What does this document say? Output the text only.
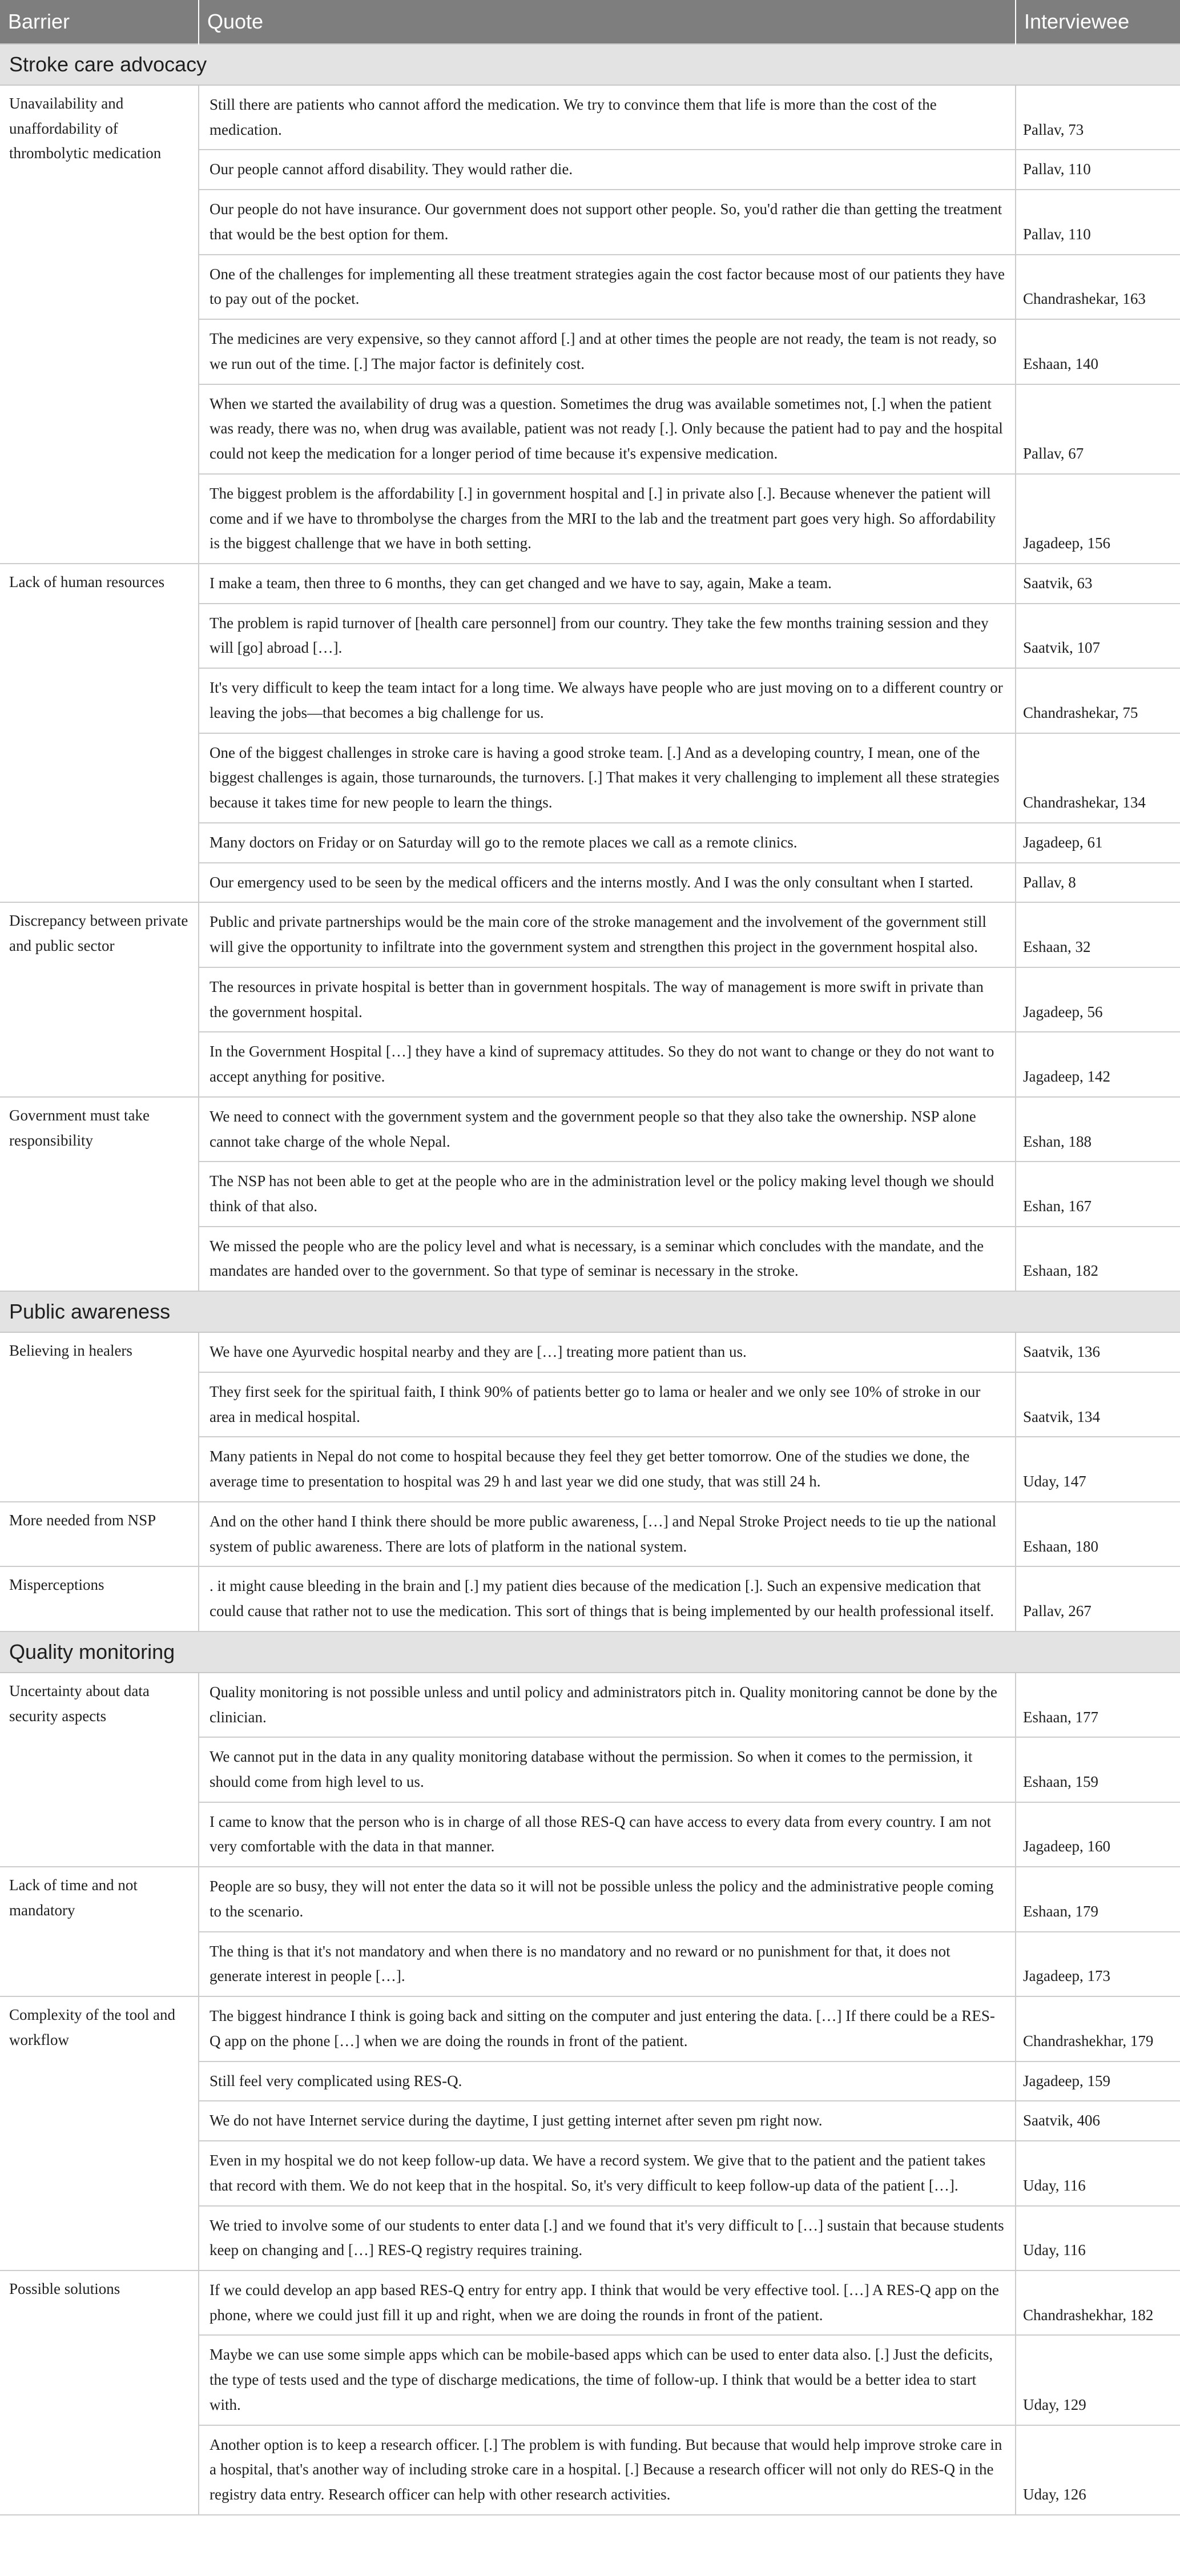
Barrier	Quote	Interviewee
Stroke care advocacy		
Unavailability and unaffordability of thrombolytic medication	Still there are patients who cannot afford the medication. We try to convince them that life is more than the cost of the medication.	Pallav, 73
	Our people cannot afford disability. They would rather die.	Pallav, 110
	Our people do not have insurance. Our government does not support other people. So, you'd rather die than getting the treatment that would be the best option for them.	Pallav, 110
	One of the challenges for implementing all these treatment strategies again the cost factor because most of our patients they have to pay out of the pocket.	Chandrashekar, 163
	The medicines are very expensive, so they cannot afford [.] and at other times the people are not ready, the team is not ready, so we run out of the time. [.] The major factor is definitely cost.	Eshaan, 140
	When we started the availability of drug was a question. Sometimes the drug was available sometimes not, [.] when the patient was ready, there was no, when drug was available, patient was not ready [.]. Only because the patient had to pay and the hospital could not keep the medication for a longer period of time because it's expensive medication.	Pallav, 67
	The biggest problem is the affordability [.] in government hospital and [.] in private also [.]. Because whenever the patient will come and if we have to thrombolyse the charges from the MRI to the lab and the treatment part goes very high. So affordability is the biggest challenge that we have in both setting.	Jagadeep, 156
Lack of human resources	I make a team, then three to 6 months, they can get changed and we have to say, again, Make a team.	Saatvik, 63
	The problem is rapid turnover of [health care personnel] from our country. They take the few months training session and they will [go] abroad […].	Saatvik, 107
	It's very difficult to keep the team intact for a long time. We always have people who are just moving on to a different country or leaving the jobs—that becomes a big challenge for us.	Chandrashekar, 75
	One of the biggest challenges in stroke care is having a good stroke team. [.] And as a developing country, I mean, one of the biggest challenges is again, those turnarounds, the turnovers. [.] That makes it very challenging to implement all these strategies because it takes time for new people to learn the things.	Chandrashekar, 134
	Many doctors on Friday or on Saturday will go to the remote places we call as a remote clinics.	Jagadeep, 61
	Our emergency used to be seen by the medical officers and the interns mostly. And I was the only consultant when I started.	Pallav, 8
Discrepancy between private and public sector	Public and private partnerships would be the main core of the stroke management and the involvement of the government still will give the opportunity to infiltrate into the government system and strengthen this project in the government hospital also.	Eshaan, 32
	The resources in private hospital is better than in government hospitals. The way of management is more swift in private than the government hospital.	Jagadeep, 56
	In the Government Hospital […] they have a kind of supremacy attitudes. So they do not want to change or they do not want to accept anything for positive.	Jagadeep, 142
Government must take responsibility	We need to connect with the government system and the government people so that they also take the ownership. NSP alone cannot take charge of the whole Nepal.	Eshan, 188
	The NSP has not been able to get at the people who are in the administration level or the policy making level though we should think of that also.	Eshan, 167
	We missed the people who are the policy level and what is necessary, is a seminar which concludes with the mandate, and the mandates are handed over to the government. So that type of seminar is necessary in the stroke.	Eshaan, 182
Public awareness		
Believing in healers	We have one Ayurvedic hospital nearby and they are […] treating more patient than us.	Saatvik, 136
	They first seek for the spiritual faith, I think 90% of patients better go to lama or healer and we only see 10% of stroke in our area in medical hospital.	Saatvik, 134
	Many patients in Nepal do not come to hospital because they feel they get better tomorrow. One of the studies we done, the average time to presentation to hospital was 29 h and last year we did one study, that was still 24 h.	Uday, 147
More needed from NSP	And on the other hand I think there should be more public awareness, […] and Nepal Stroke Project needs to tie up the national system of public awareness. There are lots of platform in the national system.	Eshaan, 180
Misperceptions	. it might cause bleeding in the brain and [.] my patient dies because of the medication [.]. Such an expensive medication that could cause that rather not to use the medication. This sort of things that is being implemented by our health professional itself.	Pallav, 267
Quality monitoring		
Uncertainty about data security aspects	Quality monitoring is not possible unless and until policy and administrators pitch in. Quality monitoring cannot be done by the clinician.	Eshaan, 177
	We cannot put in the data in any quality monitoring database without the permission. So when it comes to the permission, it should come from high level to us.	Eshaan, 159
	I came to know that the person who is in charge of all those RES-Q can have access to every data from every country. I am not very comfortable with the data in that manner.	Jagadeep, 160
Lack of time and not mandatory	People are so busy, they will not enter the data so it will not be possible unless the policy and the administrative people coming to the scenario.	Eshaan, 179
	The thing is that it's not mandatory and when there is no mandatory and no reward or no punishment for that, it does not generate interest in people […].	Jagadeep, 173
Complexity of the tool and workflow	The biggest hindrance I think is going back and sitting on the computer and just entering the data. […] If there could be a RES-Q app on the phone […] when we are doing the rounds in front of the patient.	Chandrashekhar, 179
	Still feel very complicated using RES-Q.	Jagadeep, 159
	We do not have Internet service during the daytime, I just getting internet after seven pm right now.	Saatvik, 406
	Even in my hospital we do not keep follow-up data. We have a record system. We give that to the patient and the patient takes that record with them. We do not keep that in the hospital. So, it's very difficult to keep follow-up data of the patient […].	Uday, 116
	We tried to involve some of our students to enter data [.] and we found that it's very difficult to […] sustain that because students keep on changing and […] RES-Q registry requires training.	Uday, 116
Possible solutions	If we could develop an app based RES-Q entry for entry app. I think that would be very effective tool. […] A RES-Q app on the phone, where we could just fill it up and right, when we are doing the rounds in front of the patient.	Chandrashekhar, 182
	Maybe we can use some simple apps which can be mobile-based apps which can be used to enter data also. [.] Just the deficits, the type of tests used and the type of discharge medications, the time of follow-up. I think that would be a better idea to start with.	Uday, 129
	Another option is to keep a research officer. [.] The problem is with funding. But because that would help improve stroke care in a hospital, that's another way of including stroke care in a hospital. [.] Because a research officer will not only do RES-Q in the registry data entry. Research officer can help with other research activities.	Uday, 126
